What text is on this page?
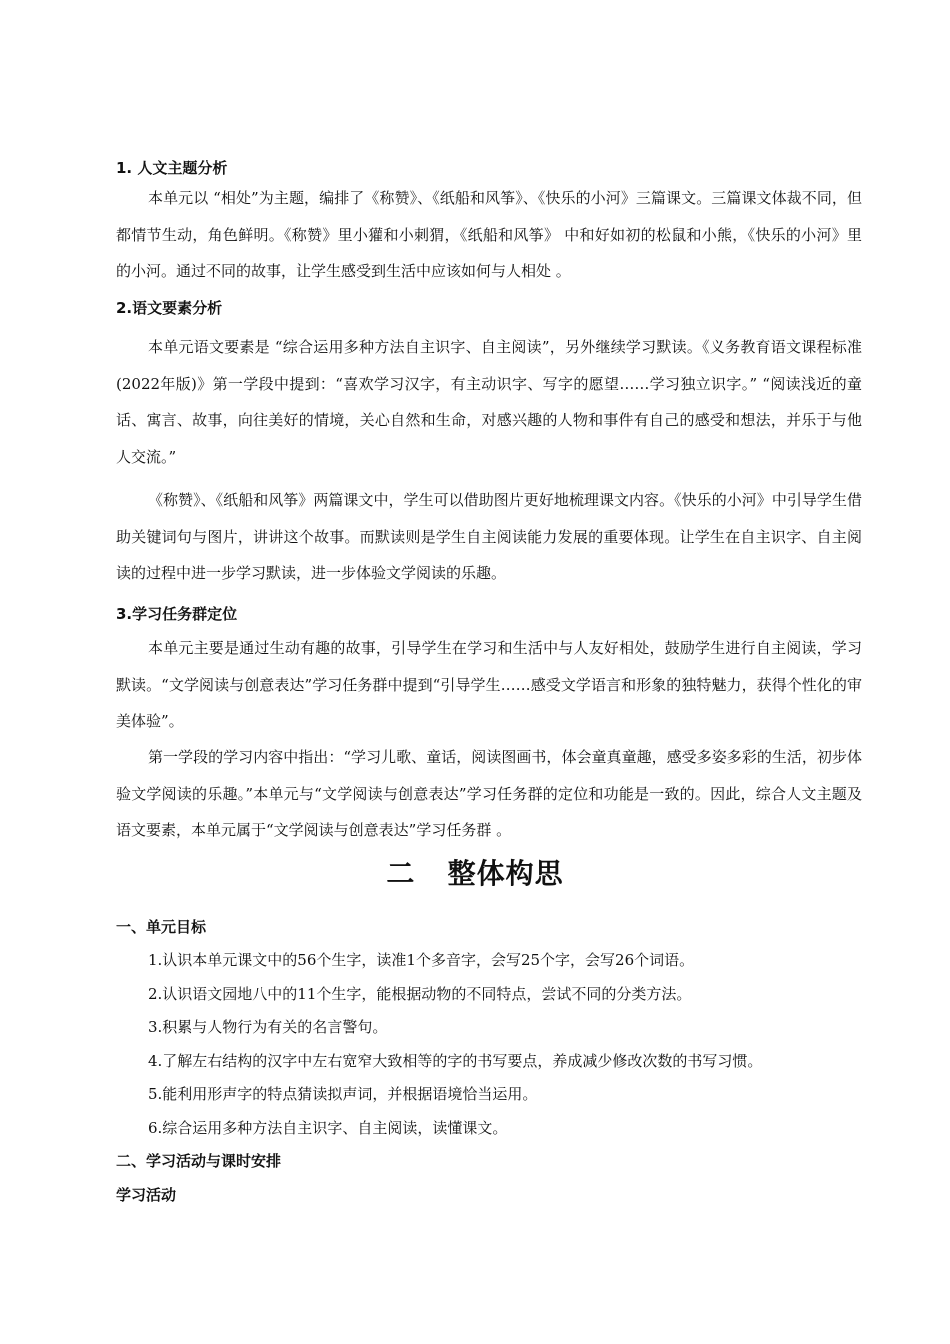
1. 人文主题分析

本单元以 “相处”为主题，编排了《称赞》、《纸船和风筝》、《快乐的小河》三篇课文。三篇课文体裁不同，但都情节生动，角色鲜明。《称赞》里小獾和小刺猬，《纸船和风筝》 中和好如初的松鼠和小熊，《快乐的小河》里的小河。通过不同的故事，让学生感受到生活中应该如何与人相处 。

2.语文要素分析

本单元语文要素是 “综合运用多种方法自主识字、自主阅读”，另外继续学习默读。《义务教育语文课程标准(2022年版)》第一学段中提到：“喜欢学习汉字，有主动识字、写字的愿望……学习独立识字。” “阅读浅近的童话、寓言、故事，向往美好的情境，关心自然和生命，对感兴趣的人物和事件有自己的感受和想法，并乐于与他人交流。”

《称赞》、《纸船和风筝》两篇课文中，学生可以借助图片更好地梳理课文内容。《快乐的小河》中引导学生借助关键词句与图片，讲讲这个故事。而默读则是学生自主阅读能力发展的重要体现。让学生在自主识字、自主阅读的过程中进一步学习默读，进一步体验文学阅读的乐趣。

3.学习任务群定位

本单元主要是通过生动有趣的故事，引导学生在学习和生活中与人友好相处，鼓励学生进行自主阅读，学习默读。“文学阅读与创意表达”学习任务群中提到“引导学生……感受文学语言和形象的独特魅力，获得个性化的审美体验”。

第一学段的学习内容中指出：“学习儿歌、童话，阅读图画书，体会童真童趣，感受多姿多彩的生活，初步体验文学阅读的乐趣。”本单元与“文学阅读与创意表达”学习任务群的定位和功能是一致的。因此，综合人文主题及语文要素，本单元属于“文学阅读与创意表达”学习任务群 。

二   整体构思
一、单元目标
1.认识本单元课文中的56个生字，读准1个多音字，会写25个字，会写26个词语。
2.认识语文园地八中的11个生字，能根据动物的不同特点，尝试不同的分类方法。
3.积累与人物行为有关的名言警句。
4.了解左右结构的汉字中左右宽窄大致相等的字的书写要点，养成减少修改次数的书写习惯。
5.能利用形声字的特点猜读拟声词，并根据语境恰当运用。
6.综合运用多种方法自主识字、自主阅读，读懂课文。
二、学习活动与课时安排
学习活动
